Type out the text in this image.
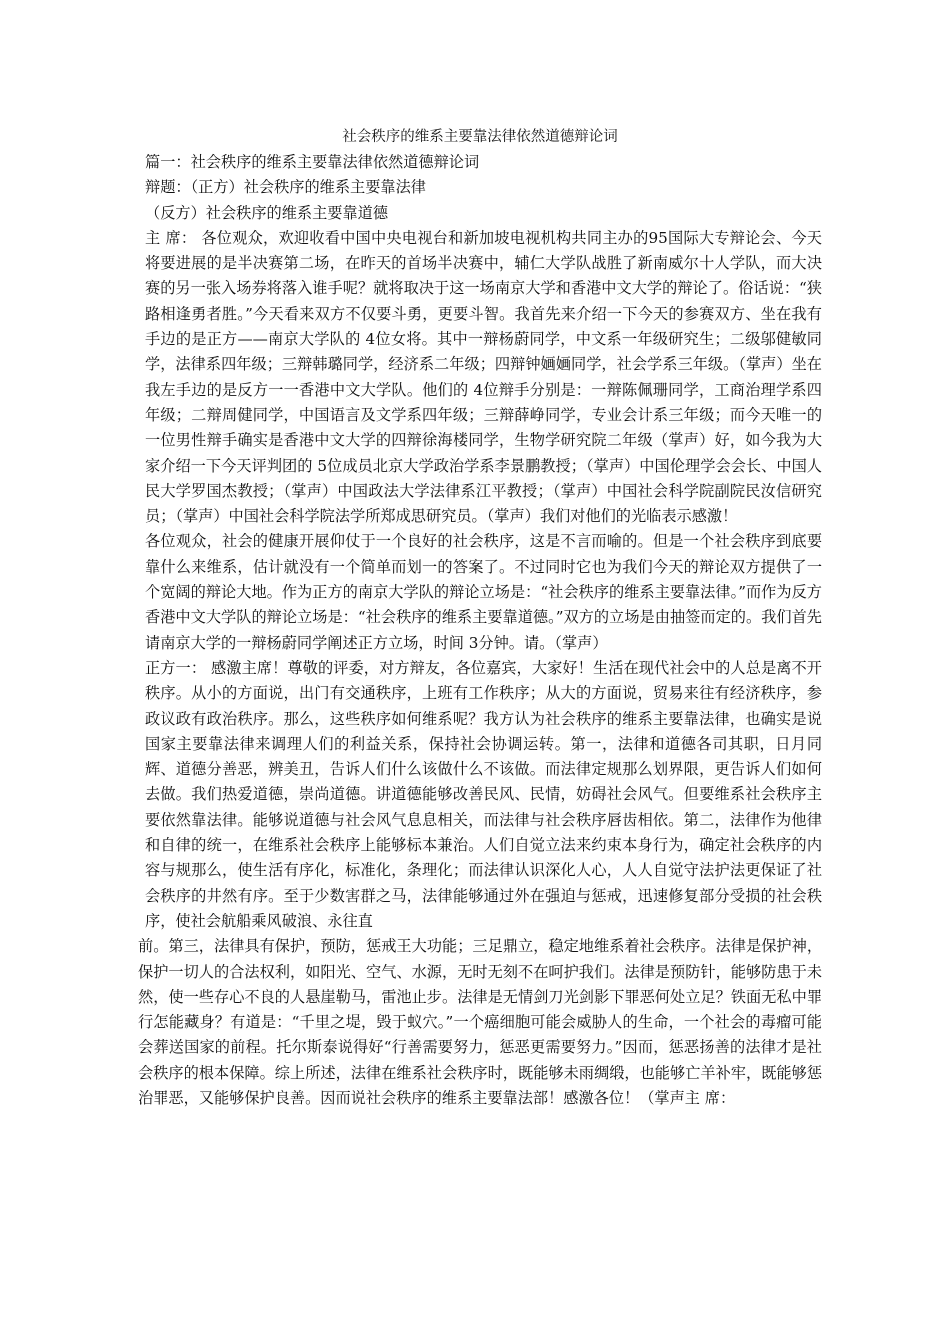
社会秩序的维系主要靠法律依然道德辩论词

篇一：社会秩序的维系主要靠法律依然道德辩论词

辩题：（正方）社会秩序的维系主要靠法律

（反方）社会秩序的维系主要靠道德

主 席： 各位观众，欢迎收看中国中央电视台和新加坡电视机构共同主办的95国际大专辩论会、今天将要进展的是半决赛第二场，在昨天的首场半决赛中，辅仁大学队战胜了新南威尔十人学队，而大决赛的另一张入场券将落入谁手呢？就将取决于这一场南京大学和香港中文大学的辩论了。俗话说：“狭路相逢勇者胜。”今天看来双方不仅要斗勇，更要斗智。我首先来介绍一下今天的参赛双方、坐在我有手边的是正方——南京大学队的 4位女将。其中一辩杨蔚同学，中文系一年级研究生；二级邬健敏同学，法律系四年级；三辩韩璐同学，经济系二年级；四辩钟婳婳同学，社会学系三年级。（掌声）坐在我左手边的是反方一一香港中文大学队。他们的 4位辩手分别是：一辩陈佩珊同学，工商治理学系四年级；二辩周健同学，中国语言及文学系四年级；三辩薛峥同学，专业会计系三年级；而今天唯一的一位男性辩手确实是香港中文大学的四辩徐海楼同学，生物学研究院二年级（掌声）好，如今我为大家介绍一下今天评判团的 5位成员北京大学政治学系李景鹏教授；（掌声）中国伦理学会会长、中国人民大学罗国杰教授；（掌声）中国政法大学法律系江平教授；（掌声）中国社会科学院副院民汝信研究员；（掌声）中国社会科学院法学所郑成思研究员。（掌声）我们对他们的光临表示感激！

各位观众，社会的健康开展仰仗于一个良好的社会秩序，这是不言而喻的。但是一个社会秩序到底要靠什么来维系，估计就没有一个简单而划一的答案了。不过同时它也为我们今天的辩论双方提供了一个宽阔的辩论大地。作为正方的南京大学队的辩论立场是：“社会秩序的维系主要靠法律。”而作为反方香港中文大学队的辩论立场是：“社会秩序的维系主要靠道德。”双方的立场是由抽签而定的。我们首先请南京大学的一辩杨蔚同学阐述正方立场，时间 3分钟。请。（掌声）

正方一： 感激主席！尊敬的评委，对方辩友，各位嘉宾，大家好！生活在现代社会中的人总是离不开秩序。从小的方面说，出门有交通秩序，上班有工作秩序；从大的方面说，贸易来往有经济秩序，参政议政有政治秩序。那么，这些秩序如何维系呢？我方认为社会秩序的维系主要靠法律，也确实是说国家主要靠法律来调理人们的利益关系，保持社会协调运转。第一，法律和道德各司其职，日月同辉、道德分善恶，辨美丑，告诉人们什么该做什么不该做。而法律定规那么划界限，更告诉人们如何去做。我们热爱道德，崇尚道德。讲道德能够改善民风、民情，妨碍社会风气。但要维系社会秩序主要依然靠法律。能够说道德与社会风气息息相关，而法律与社会秩序唇齿相依。第二，法律作为他律和自律的统一，在维系社会秩序上能够标本兼治。人们自觉立法来约束本身行为，确定社会秩序的内容与规那么，使生活有序化，标准化，条理化；而法律认识深化人心，人人自觉守法护法更保证了社会秩序的井然有序。至于少数害群之马，法律能够通过外在强迫与惩戒，迅速修复部分受损的社会秩序，使社会航船乘风破浪、永往直

前。第三，法律具有保护，预防，惩戒王大功能；三足鼎立，稳定地维系着社会秩序。法律是保护神，保护一切人的合法权利，如阳光、空气、水源，无时无刻不在呵护我们。法律是预防针，能够防患于未然，使一些存心不良的人悬崖勒马，雷池止步。法律是无情剑刀光剑影下罪恶何处立足？铁面无私中罪行怎能藏身？有道是：“千里之堤，毁于蚁穴。”一个癌细胞可能会威胁人的生命，一个社会的毒瘤可能会葬送国家的前程。托尔斯泰说得好“行善需要努力，惩恶更需要努力。”因而，惩恶扬善的法律才是社会秩序的根本保障。综上所述，法律在维系社会秩序时，既能够未雨绸缎，也能够亡羊补牢，既能够惩治罪恶，又能够保护良善。因而说社会秩序的维系主要靠法部！感激各位！（掌声主 席：
